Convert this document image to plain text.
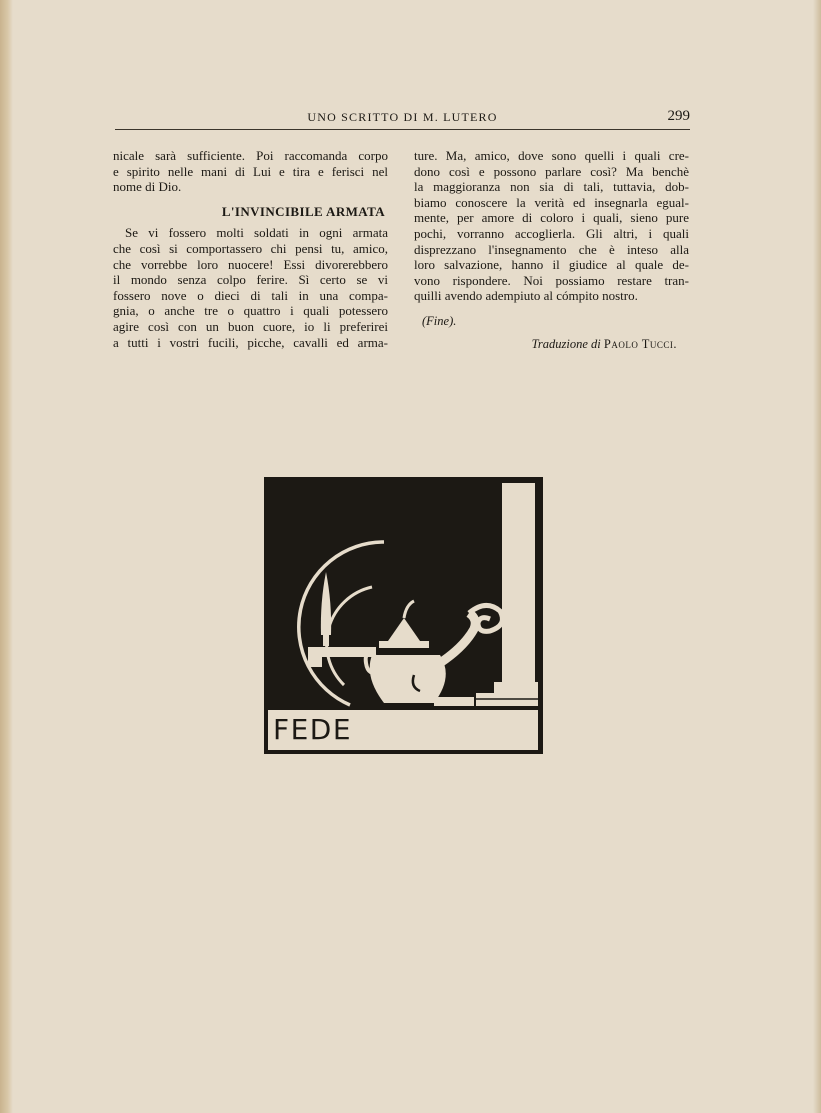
UNO SCRITTO DI M. LUTERO	299
nicale sarà sufficiente. Poi raccomanda corpo
e spirito nelle mani di Lui e tira e ferisci nel
nome di Dio.
L'INVINCIBILE ARMATA
Se vi fossero molti soldati in ogni armata
che così si comportassero chi pensi tu, amico,
che vorrebbe loro nuocere! Essi divorerebbero
il mondo senza colpo ferire. Sì certo se vi
fossero nove o dieci di tali in una compa-
gnia, o anche tre o quattro i quali potessero
agire così con un buon cuore, io li preferirei
a tutti i vostri fucili, picche, cavalli ed arma-
ture. Ma, amico, dove sono quelli i quali cre-
dono così e possono parlare così? Ma benchè
la maggioranza non sia di tali, tuttavia, dob-
biamo conoscere la verità ed insegnarla egual-
mente, per amore di coloro i quali, sieno pure
pochi, vorranno accoglierla. Gli altri, i quali
disprezzano l'insegnamento che è inteso alla
loro salvazione, hanno il giudice al quale de-
vono rispondere. Noi possiamo restare tran-
quilli avendo adempiuto al cómpito nostro.
(Fine).
Traduzione di Paolo Tucci.
FEDE
